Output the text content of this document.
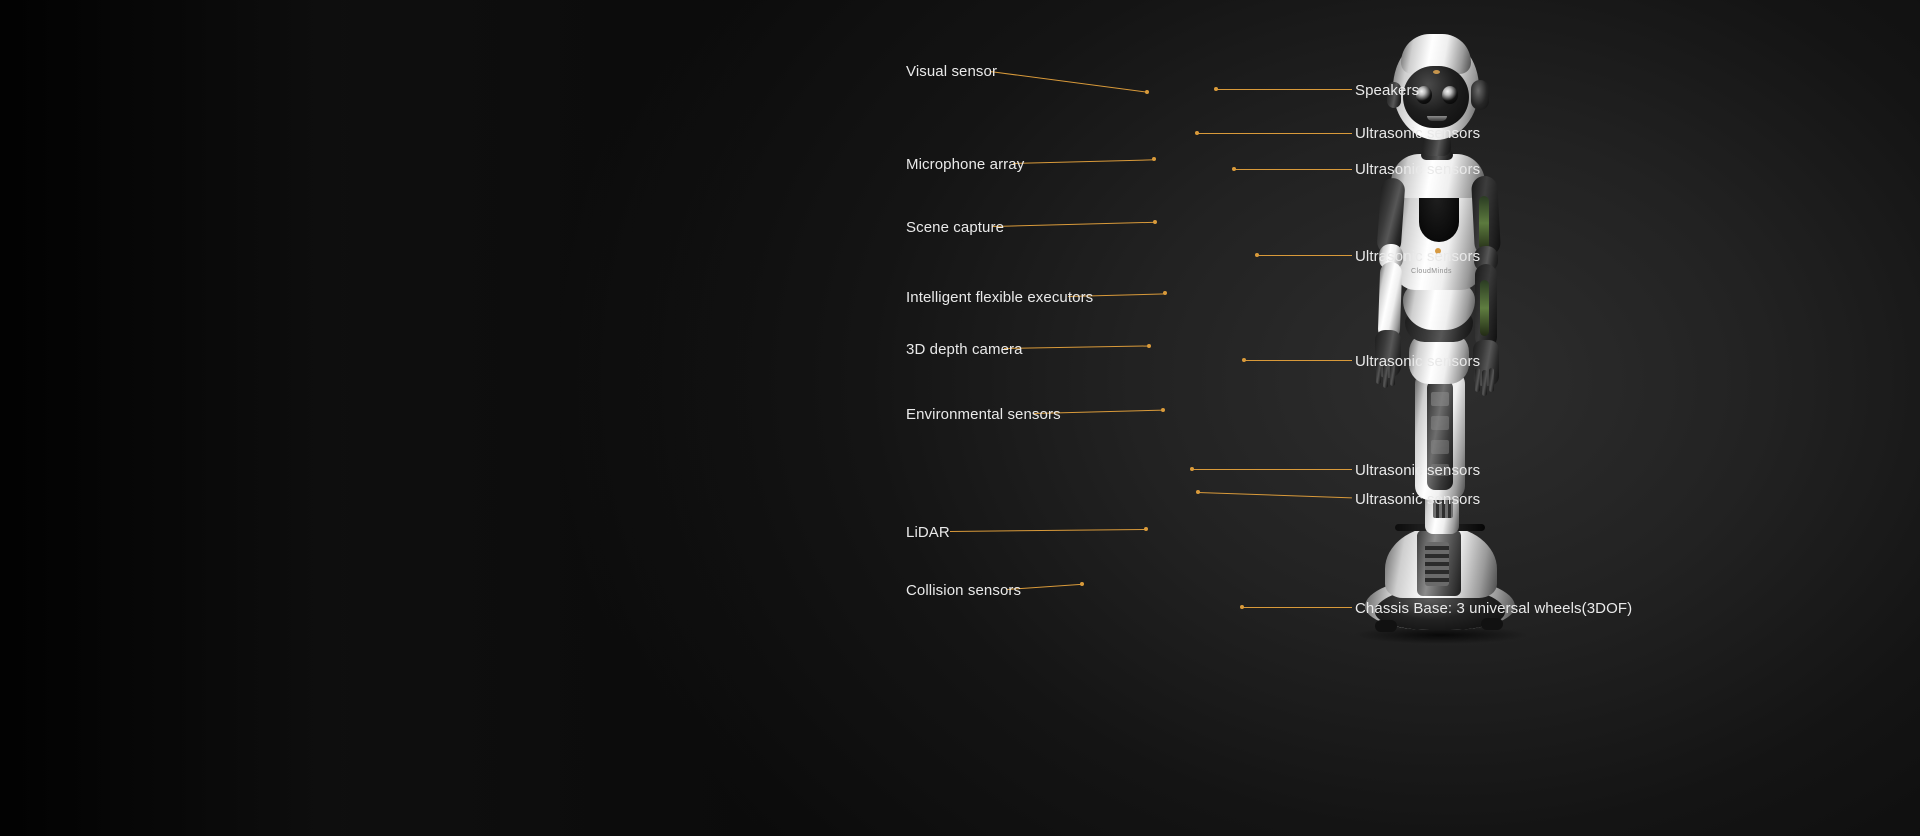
CloudMinds
Visual sensor
Microphone array
Scene capture
Intelligent flexible executors
3D depth camera
Environmental sensors
LiDAR
Collision sensors
Speakers
Ultrasonic sensors
Ultrasonic sensors
Ultrasonic sensors
Ultrasonic sensors
Ultrasonic sensors
Ultrasonic sensors
Chassis Base: 3 universal wheels(3DOF)
